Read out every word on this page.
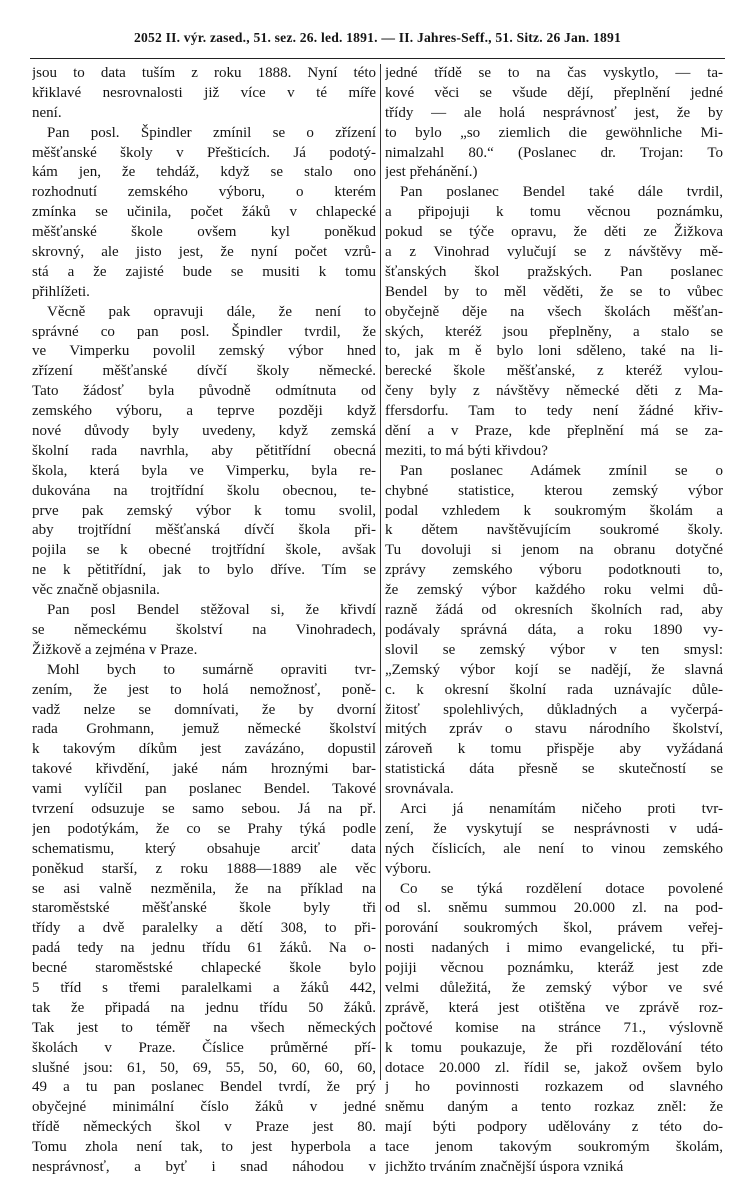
2052 II. výr. zased., 51. sez. 26. led. 1891. — II. Jahres-Seff., 51. Sitz. 26 Jan. 1891
jsou to data tuším z roku 1888. Nyní této
křiklavé nesrovnalosti již více v té míře
není.
 Pan posl. Špindler zmínil se o zřízení
měšťanské školy v Přešticích. Já podotý-
kám jen, že tehdáž, když se stalo ono
rozhodnutí zemského výboru, o kterém
zmínka se učinila, počet žáků v chlapecké
měšťanské škole ovšem kyl poněkud
skrovný, ale jisto jest, že nyní počet vzrů-
stá a že zajisté bude se musiti k tomu
přihlížeti.
 Věcně pak opravuji dále, že není to
správné co pan posl. Špindler tvrdil, že
ve Vimperku povolil zemský výbor hned
zřízení měšťanské dívčí školy německé.
Tato žádosť byla původně odmítnuta od
zemského výboru, a teprve později když
nové důvody byly uvedeny, když zemská
školní rada navrhla, aby pětitřídní obecná
škola, která byla ve Vimperku, byla re-
dukována na trojtřídní školu obecnou, te-
prve pak zemský výbor k tomu svolil,
aby trojtřídní měšťanská dívčí škola při-
pojila se k obecné trojtřídní škole, avšak
ne k pětitřídní, jak to bylo dříve. Tím se
věc značně objasnila.
 Pan posl Bendel stěžoval si, že křivdí
se německému školství na Vinohradech,
Žižkově a zejména v Praze.
 Mohl bych to sumárně opraviti tvr-
zením, že jest to holá nemožnosť, poně-
vadž nelze se domnívati, že by dvorní
rada Grohmann, jemuž německé školství
k takovým díkům jest zavázáno, dopustil
takové křivdění, jaké nám hroznými bar-
vami vylíčil pan poslanec Bendel. Takové
tvrzení odsuzuje se samo sebou. Já na př.
jen podotýkám, že co se Prahy týká podle
schematismu, který obsahuje arciť data
poněkud starší, z roku 1888—1889 ale věc
se asi valně nezměnila, že na příklad na
staroměstské měšťanské škole byly tři
třídy a dvě paralelky a dětí 308, to při-
padá tedy na jednu třídu 61 žáků. Na o-
becné staroměstské chlapecké škole bylo
5 tříd s třemi paralelkami a žáků 442,
tak že připadá na jednu třídu 50 žáků.
Tak jest to téměř na všech německých
školách v Praze. Číslice průměrné pří-
slušné jsou: 61, 50, 69, 55, 50, 60, 60, 60,
49 a tu pan poslanec Bendel tvrdí, že prý
obyčejné minimální číslo žáků v jedné
třídě německých škol v Praze jest 80.
Tomu zhola není tak, to jest hyperbola a
nesprávnosť, a byť i snad náhodou v
jedné třídě se to na čas vyskytlo, — ta-
kové věci se všude dějí, přeplnění jedné
třídy — ale holá nesprávnosť jest, že by
to bylo „so ziemlich die gewöhnliche Mi-
nimalzahl 80.“ (Poslanec dr. Trojan: To
jest přehánění.)
 Pan poslanec Bendel také dále tvrdil,
a připojuji k tomu věcnou poznámku,
pokud se týče opravu, že děti ze Žižkova
a z Vinohrad vylučují se z návštěvy mě-
šťanských škol pražských. Pan poslanec
Bendel by to měl věděti, že se to vůbec
obyčejně děje na všech školách měšťan-
ských, kteréž jsou přeplněny, a stalo se
to, jak m ě bylo loni sděleno, také na li-
berecké škole měšťanské, z kteréž vylou-
čeny byly z návštěvy německé děti z Ma-
ffersdorfu. Tam to tedy není žádné křiv-
dění a v Praze, kde přeplnění má se za-
meziti, to má býti křivdou?
 Pan poslanec Adámek zmínil se o
chybné statistice, kterou zemský výbor
podal vzhledem k soukromým školám a
k dětem navštěvujícím soukromé školy.
Tu dovoluji si jenom na obranu dotyčné
zprávy zemského výboru podotknouti to,
že zemský výbor každého roku velmi dů-
razně žádá od okresních školních rad, aby
podávaly správná dáta, a roku 1890 vy-
slovil se zemský výbor v ten smysl:
„Zemský výbor kojí se nadějí, že slavná
c. k okresní školní rada uznávajíc důle-
žitosť spolehlivých, důkladných a vyčerpá-
mitých zpráv o stavu národního školství,
zároveň k tomu přispěje aby vyžádaná
statistická dáta přesně se skutečností se
srovnávala.
 Arci já nenamítám ničeho proti tvr-
zení, že vyskytují se nesprávnosti v udá-
ných číslicích, ale není to vinou zemského
výboru.
 Co se týká rozdělení dotace povolené
od sl. sněmu summou 20.000 zl. na pod-
porování soukromých škol, právem veřej-
nosti nadaných i mimo evangelické, tu při-
pojiji věcnou poznámku, kteráž jest zde
velmi důležitá, že zemský výbor ve své
zprávě, která jest otištěna ve zprávě roz-
počtové komise na stránce 71., výslovně
k tomu poukazuje, že při rozdělování této
dotace 20.000 zl. řídil se, jakož ovšem bylo
j ho povinnosti rozkazem od slavného
sněmu daným a tento rozkaz zněl: že
mají býti podpory udělovány z této do-
tace jenom takovým soukromým školám,
jichžto trváním značnější úspora vzniká
